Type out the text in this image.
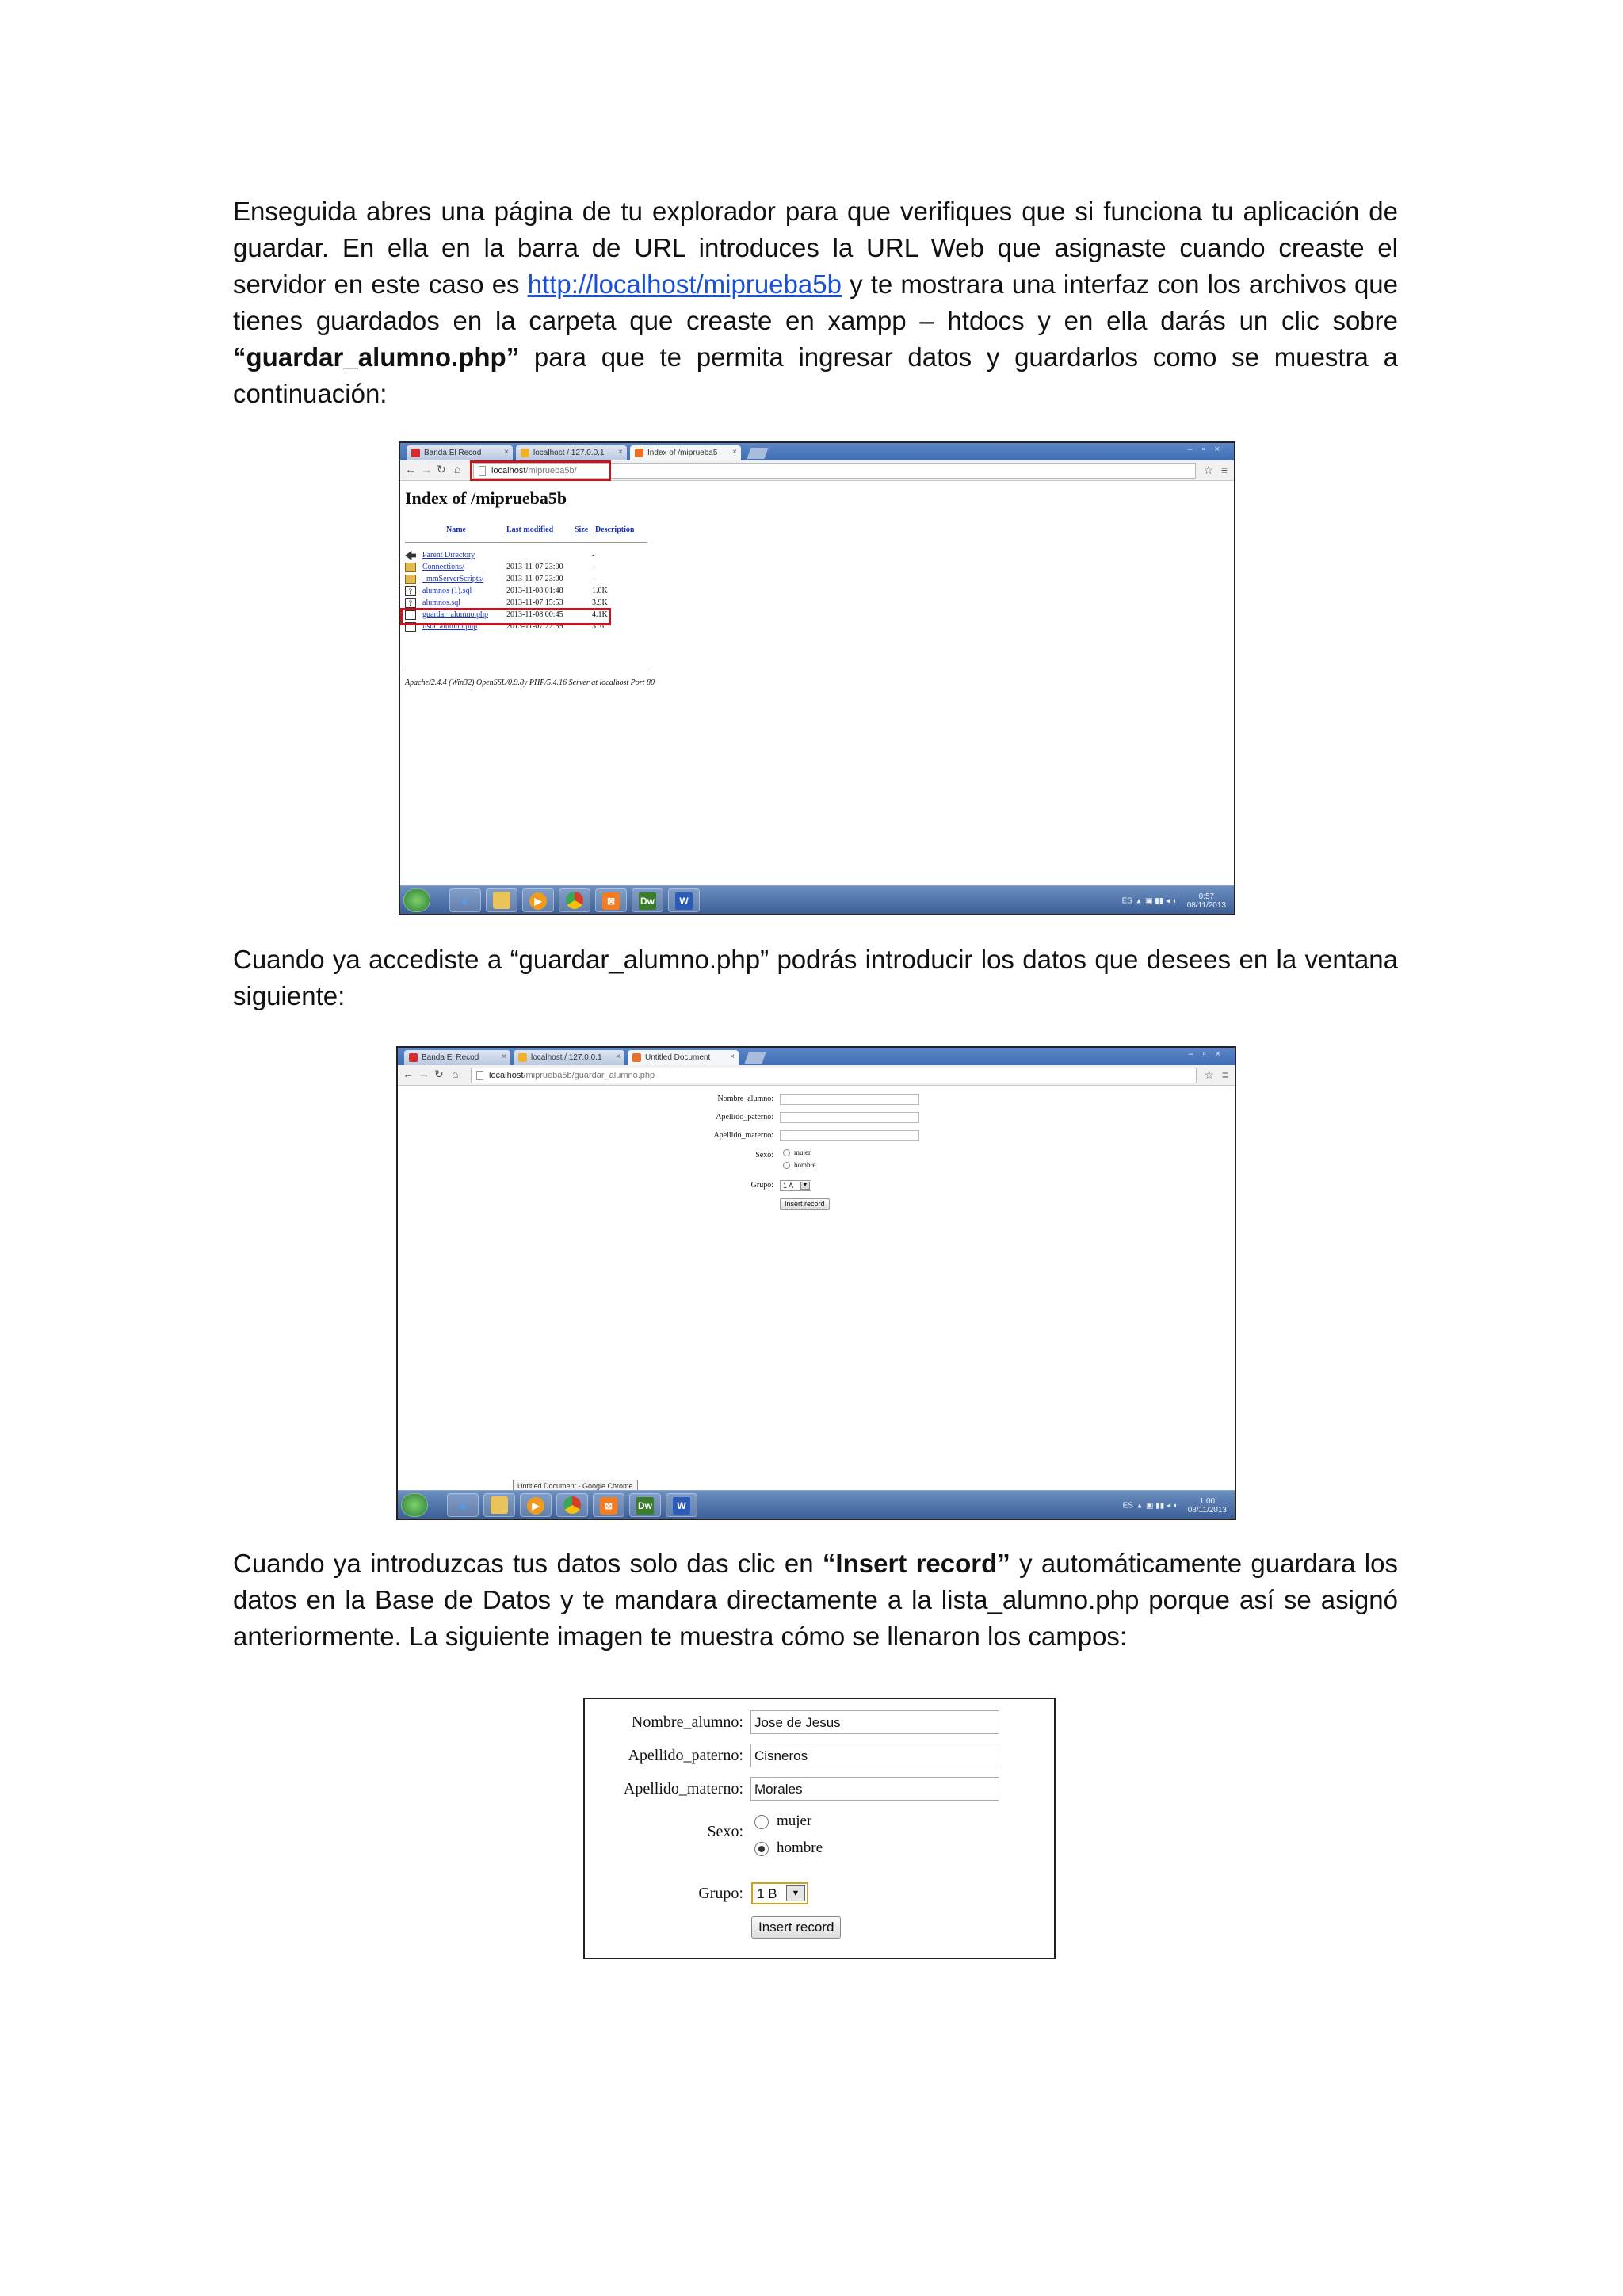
Enseguida abres una página de tu explorador para que verifiques que si funciona tu aplicación de guardar. En ella en la barra de URL introduces la URL Web que asignaste cuando creaste el servidor en este caso es http://localhost/miprueba5b y te mostrara una interfaz con los archivos que tienes guardados en la carpeta que creaste en xampp – htdocs y en ella darás un clic sobre “guardar_alumno.php” para que te permita ingresar datos y guardarlos como se muestra a continuación:

Banda El Recod	×	localhost / 127.0.0.1 ×	Index of /miprueba5 ×	–▫×
← → ↻ ⌂	localhost/miprueba5b/	☆ ≡
Index of /miprueba5b
Name	Last modified	Size Description
Parent Directory	-
Connections/	2013-11-07 23:00	-
_mmServerScripts/	2013-11-07 23:00	-
?	alumnos (1).sql	2013-11-08 01:48	1.0K
?	alumnos.sql	2013-11-07 15:53	3.9K
guardar_alumno.php 2013-11-08 00:45	4.1K
lista_alumno.php	2013-11-07 22:59	316
Apache/2.4.4 (Win32) OpenSSL/0.9.8y PHP/5.4.16 Server at localhost Port 80
e	▶	⊠	Dw	W	ES  ▴  ▣ ▮▮ ◂ ◖ 0:57
08/11/2013

Cuando ya accediste a “guardar_alumno.php” podrás introducir los datos que desees en la ventana siguiente:

Banda El Recod	×	localhost / 127.0.0.1 ×	Untitled Document ×	–▫×
← → ↻ ⌂	localhost/miprueba5b/guardar_alumno.php	☆ ≡
Nombre_alumno:
Apellido_paterno:
Apellido_materno:
Sexo:	mujer
hombre
Grupo:	1 A	▼
Insert record
Untitled Document - Google Chrome
e	▶	⊠	Dw	W	ES  ▴  ▣ ▮▮ ◂ ◖ 1:00
08/11/2013

Cuando ya introduzcas tus datos solo das clic en “Insert record” y automáticamente guardara los datos en la Base de Datos y te mandara directamente a la lista_alumno.php porque así se asignó anteriormente. La siguiente imagen te muestra cómo se llenaron los campos:

Nombre_alumno: Jose de Jesus
Apellido_paterno: Cisneros
Apellido_materno: Morales
Sexo:
mujer
hombre
Grupo:	1 B	▼
Insert record
